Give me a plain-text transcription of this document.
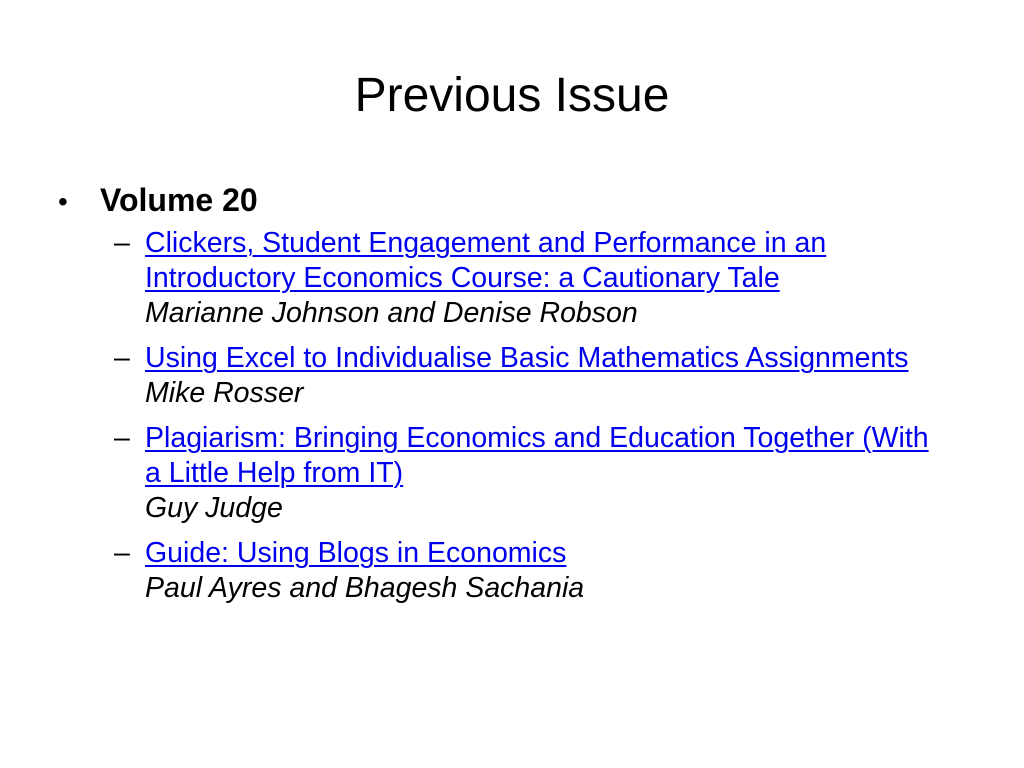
Previous Issue
•	Volume 20
– Clickers, Student Engagement and Performance in an Introductory Economics Course: a Cautionary Tale
Marianne Johnson and Denise Robson
– Using Excel to Individualise Basic Mathematics Assignments
Mike Rosser
– Plagiarism: Bringing Economics and Education Together (With a Little Help from IT)
Guy Judge
– Guide: Using Blogs in Economics
Paul Ayres and Bhagesh Sachania
